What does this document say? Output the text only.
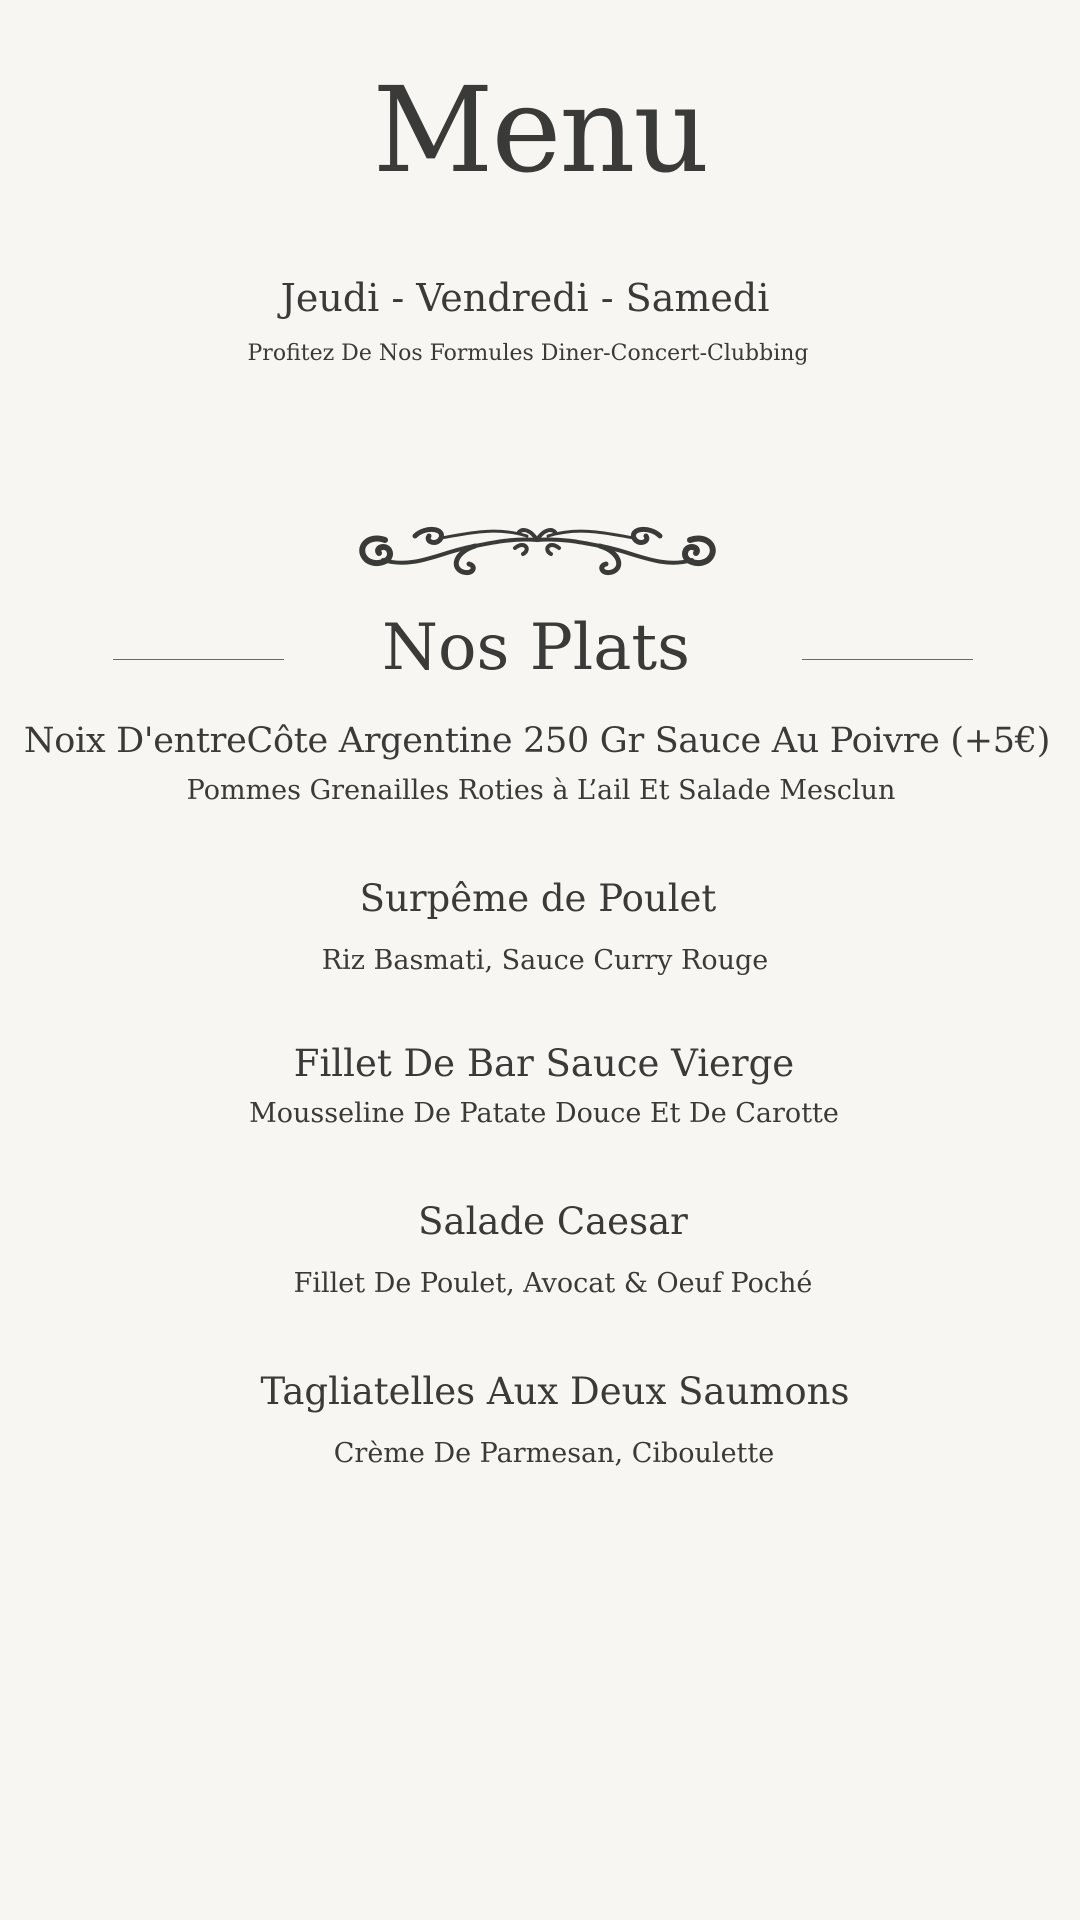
Menu
Jeudi - Vendredi - Samedi
Profitez De Nos Formules Diner-Concert-Clubbing
Nos Plats
Noix D'entreCôte Argentine 250 Gr Sauce Au Poivre (+5€)
Pommes Grenailles Roties à L’ail Et Salade Mesclun
Surpême de Poulet
Riz Basmati, Sauce Curry Rouge
Fillet De Bar Sauce Vierge
Mousseline De Patate Douce Et De Carotte
Salade Caesar
Fillet De Poulet, Avocat & Oeuf Poché
Tagliatelles Aux Deux Saumons
Crème De Parmesan, Ciboulette
